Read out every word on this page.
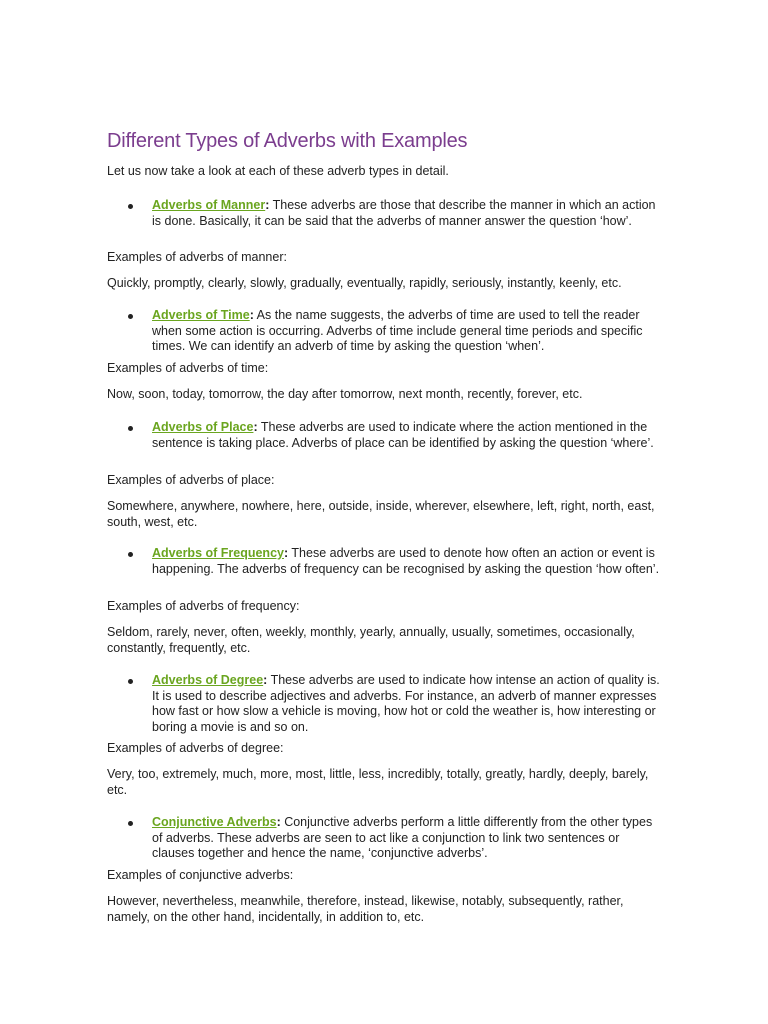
Different Types of Adverbs with Examples

Let us now take a look at each of these adverb types in detail.

Adverbs of Manner: These adverbs are those that describe the manner in which an action is done. Basically, it can be said that the adverbs of manner answer the question ‘how’.

Examples of adverbs of manner:

Quickly, promptly, clearly, slowly, gradually, eventually, rapidly, seriously, instantly, keenly, etc.

Adverbs of Time: As the name suggests, the adverbs of time are used to tell the reader when some action is occurring. Adverbs of time include general time periods and specific times. We can identify an adverb of time by asking the question ‘when’.

Examples of adverbs of time:

Now, soon, today, tomorrow, the day after tomorrow, next month, recently, forever, etc.

Adverbs of Place: These adverbs are used to indicate where the action mentioned in the sentence is taking place. Adverbs of place can be identified by asking the question ‘where’.

Examples of adverbs of place:

Somewhere, anywhere, nowhere, here, outside, inside, wherever, elsewhere, left, right, north, east, south, west, etc.

Adverbs of Frequency: These adverbs are used to denote how often an action or event is happening. The adverbs of frequency can be recognised by asking the question ‘how often’.

Examples of adverbs of frequency:

Seldom, rarely, never, often, weekly, monthly, yearly, annually, usually, sometimes, occasionally, constantly, frequently, etc.

Adverbs of Degree: These adverbs are used to indicate how intense an action of quality is. It is used to describe adjectives and adverbs. For instance, an adverb of manner expresses how fast or how slow a vehicle is moving, how hot or cold the weather is, how interesting or boring a movie is and so on.

Examples of adverbs of degree:

Very, too, extremely, much, more, most, little, less, incredibly, totally, greatly, hardly, deeply, barely, etc.

Conjunctive Adverbs: Conjunctive adverbs perform a little differently from the other types of adverbs. These adverbs are seen to act like a conjunction to link two sentences or clauses together and hence the name, ‘conjunctive adverbs’.

Examples of conjunctive adverbs:

However, nevertheless, meanwhile, therefore, instead, likewise, notably, subsequently, rather, namely, on the other hand, incidentally, in addition to, etc.
